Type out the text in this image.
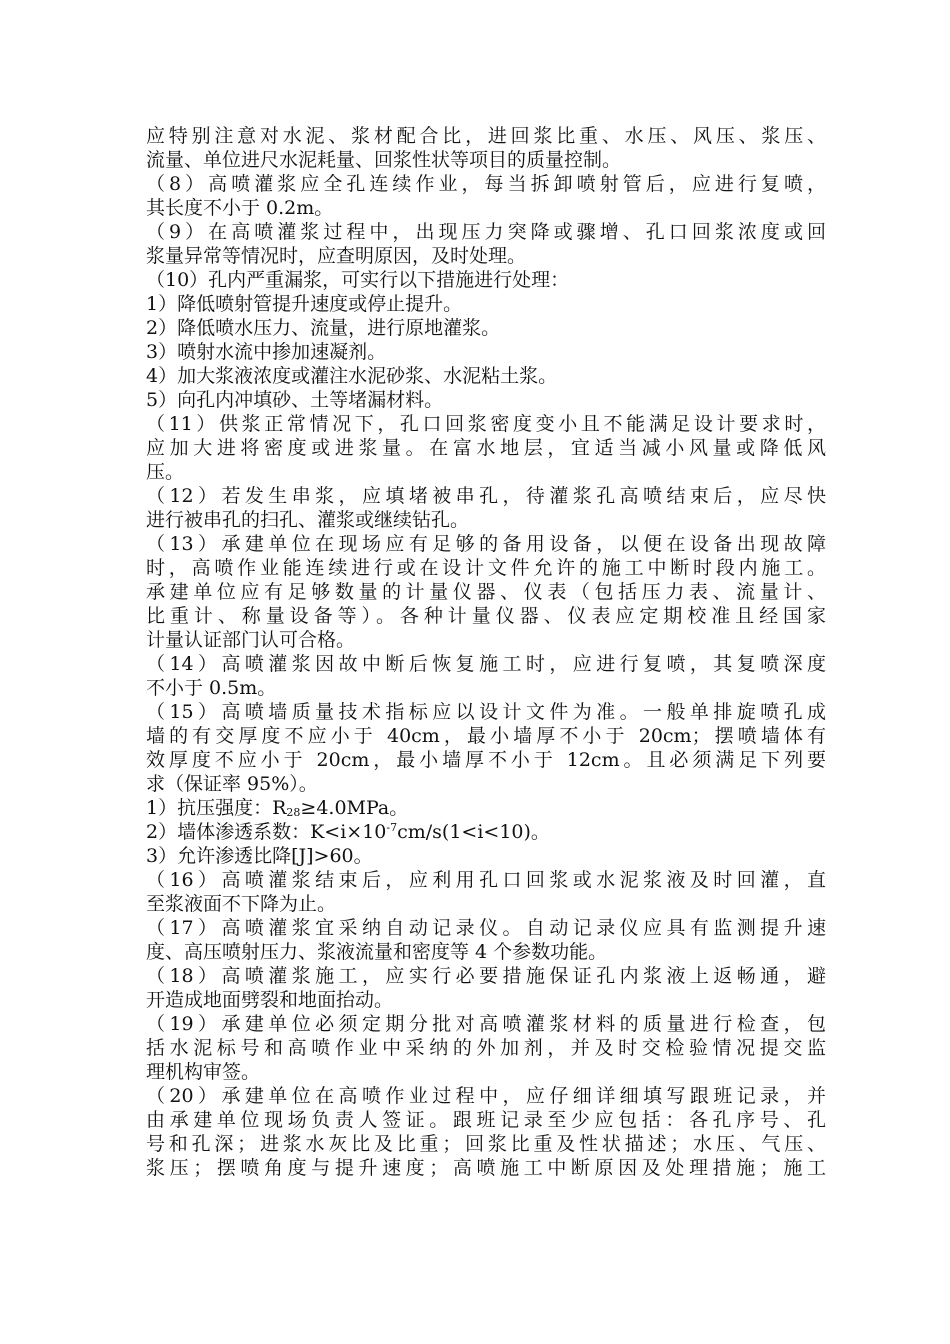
应特别注意对水泥、浆材配合比，进回浆比重、水压、风压、浆压、
流量、单位进尺水泥耗量、回浆性状等项目的质量控制。
（8）高喷灌浆应全孔连续作业，每当拆卸喷射管后，应进行复喷，
其长度不小于 0.2m。
（9）在高喷灌浆过程中，出现压力突降或骤增、孔口回浆浓度或回
浆量异常等情况时，应查明原因，及时处理。
（10）孔内严重漏浆，可实行以下措施进行处理：
1）降低喷射管提升速度或停止提升。
2）降低喷水压力、流量，进行原地灌浆。
3）喷射水流中掺加速凝剂。
4）加大浆液浓度或灌注水泥砂浆、水泥粘土浆。
5）向孔内冲填砂、土等堵漏材料。
（11）供浆正常情况下，孔口回浆密度变小且不能满足设计要求时，
应加大进将密度或进浆量。在富水地层，宜适当减小风量或降低风
压。
（12）若发生串浆，应填堵被串孔，待灌浆孔高喷结束后，应尽快
进行被串孔的扫孔、灌浆或继续钻孔。
（13）承建单位在现场应有足够的备用设备，以便在设备出现故障
时，高喷作业能连续进行或在设计文件允许的施工中断时段内施工。
承建单位应有足够数量的计量仪器、仪表（包括压力表、流量计、
比重计、称量设备等）。各种计量仪器、仪表应定期校准且经国家
计量认证部门认可合格。
（14）高喷灌浆因故中断后恢复施工时，应进行复喷，其复喷深度
不小于 0.5m。
（15）高喷墙质量技术指标应以设计文件为准。一般单排旋喷孔成
墙的有交厚度不应小于 40cm，最小墙厚不小于 20cm；摆喷墙体有
效厚度不应小于 20cm，最小墙厚不小于 12cm。且必须满足下列要
求（保证率 95%）。
1）抗压强度：$R_{28}\ge 4.0MPa$。
2）墙体渗透系数：$K<i\times 10^{-7}cm/s(1<i<10)$。
3）允许渗透比降[J]>60。
（16）高喷灌浆结束后，应利用孔口回浆或水泥浆液及时回灌，直
至浆液面不下降为止。
（17）高喷灌浆宜采纳自动记录仪。自动记录仪应具有监测提升速
度、高压喷射压力、浆液流量和密度等 4 个参数功能。
（18）高喷灌浆施工，应实行必要措施保证孔内浆液上返畅通，避
开造成地面劈裂和地面抬动。
（19）承建单位必须定期分批对高喷灌浆材料的质量进行检查，包
括水泥标号和高喷作业中采纳的外加剂，并及时交检验情况提交监
理机构审签。
（20）承建单位在高喷作业过程中，应仔细详细填写跟班记录，并
由承建单位现场负责人签证。跟班记录至少应包括：各孔序号、孔
号和孔深；进浆水灰比及比重；回浆比重及性状描述；水压、气压、
浆压；摆喷角度与提升速度；高喷施工中断原因及处理措施；施工
